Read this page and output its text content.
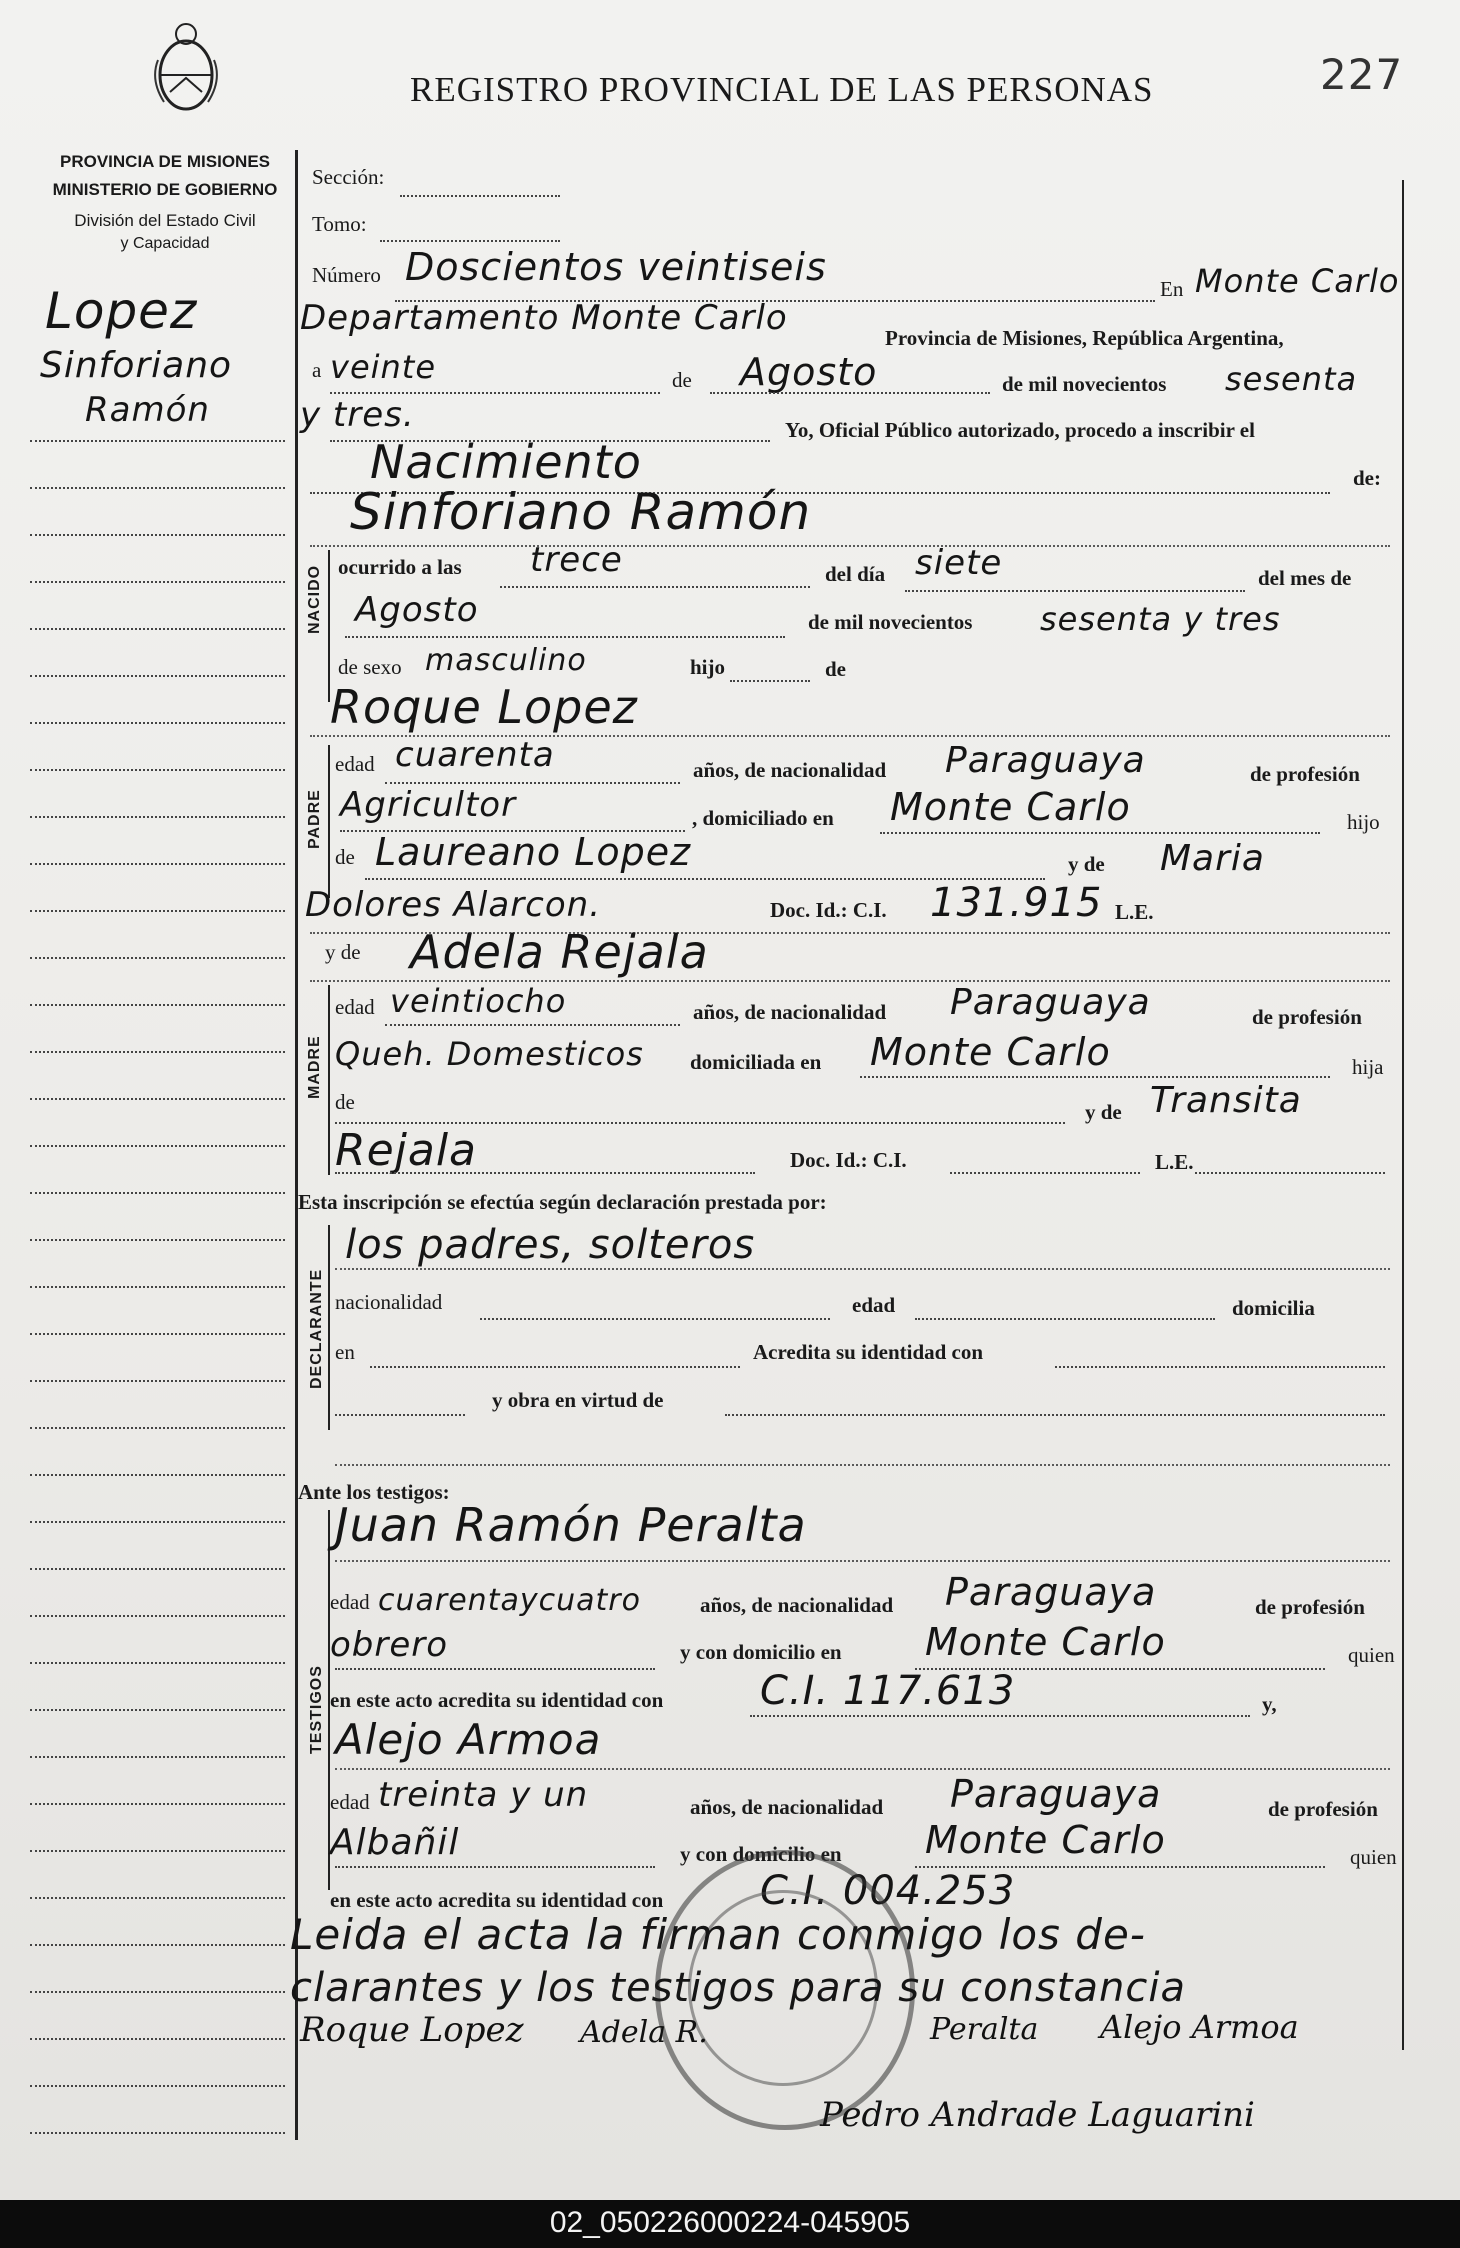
REGISTRO PROVINCIAL DE LAS PERSONAS	227
PROVINCIA DE MISIONES
MINISTERIO DE GOBIERNO
División del Estado Civil
y Capacidad
Lopez
Sinforiano
Ramón
Sección:
Tomo:
Número Doscientos veintiseis	En Monte Carlo
Departamento Monte Carlo	Provincia de Misiones, República Argentina,
a veinte	de Agosto	de mil novecientos sesenta
y tres.	Yo, Oficial Público autorizado, procedo a inscribir el
Nacimiento	de:
Sinforiano Ramón
NACIDO ocurrido a las trece	del día siete	del mes de
Agosto	de mil novecientos sesenta y tres
de sexo masculino	hijo	de
Roque Lopez
PADRE
edad cuarenta	años, de nacionalidad Paraguaya	de profesión
Agricultor	, domiciliado en Monte Carlo	hijo
de Laureano Lopez	y de Maria
Dolores Alarcon.	Doc. Id.: C.I. 131.915 L.E.
y de Adela Rejala
MADRE
edad veintiocho	años, de nacionalidad Paraguaya	de profesión
Queh. Domesticos domiciliada en Monte Carlo	hija
de	y de Transita
Rejala	Doc. Id.: C.I.	L.E.
Esta inscripción se efectúa según declaración prestada por:
DECLARANTE
los padres, solteros
nacionalidad	edad	domicilia
en	Acredita su identidad con
y obra en virtud de
Ante los testigos:
TESTIGOS
Juan Ramón Peralta
edad cuarentaycuatro	años, de nacionalidad Paraguaya	de profesión
obrero	y con domicilio en Monte Carlo	quien
en este acto acredita su identidad con C.I. 117.613	y,
Alejo Armoa
edad treinta y un	años, de nacionalidad Paraguaya	de profesión
Albañil	y con domicilio en Monte Carlo	quien
en este acto acredita su identidad con C.I. 004.253
Leida el acta la firman conmigo los de-
clarantes y los testigos para su constancia
Roque Lopez Adela R.	Peralta Alejo Armoa
Pedro Andrade Laguarini
02_050226000224-045905
